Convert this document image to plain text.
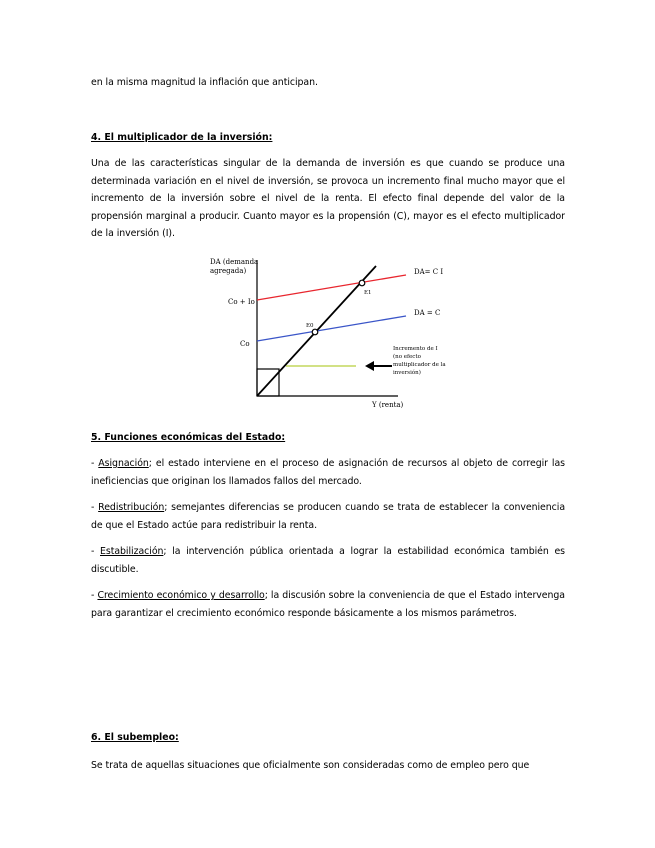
en la misma magnitud la inflación que anticipan.
4. El multiplicador de la inversión:
Una de las características singular de la demanda de inversión es que cuando se produce una determinada variación en el nivel de inversión, se provoca un incremento final mucho mayor que el incremento de la inversión sobre el nivel de la renta. El efecto final depende del valor de la propensión marginal a producir. Cuanto mayor es la propensión (C), mayor es el efecto multiplicador de la inversión (I).
DA (demanda
agregada)
Co + Io
Co
DA= C I
DA = C
E0
E1
Incremento de I
(no efecto
multiplicador de la
inversión)
Y (renta)
5. Funciones económicas del Estado:
- Asignación; el estado interviene en el proceso de asignación de recursos al objeto de corregir las ineficiencias que originan los llamados fallos del mercado.
- Redistribución; semejantes diferencias se producen cuando se trata de establecer la conveniencia de que el Estado actúe para redistribuir la renta.
- Estabilización; la intervención pública orientada a lograr la estabilidad económica también es discutible.
- Crecimiento económico y desarrollo; la discusión sobre la conveniencia de que el Estado intervenga para garantizar el crecimiento económico responde básicamente a los mismos parámetros.
6. El subempleo:
Se trata de aquellas situaciones que oficialmente son consideradas como de empleo pero que
